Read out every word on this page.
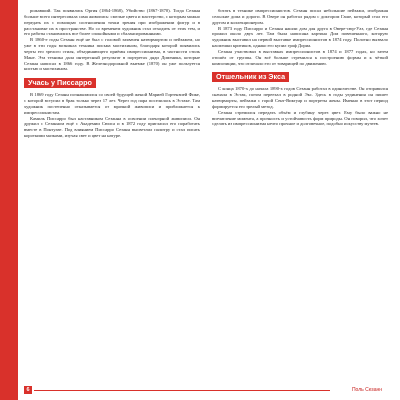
рожавший. Так появились Оргия (1864-1868), Убийство (1867-1870). Тогда Сезанн больше всего интересовала сама живопись: смелые цвета и мастерство, с которым можно передать их с помощью соотношения точки зрения при изображении фигур и в расстановке их в пространстве. Но со временем художник стал отходить от этих тем, и его работы становились все более спокойными и сбалансированными.

В 1860-е годы Сезанн ещё не был с головой захвачен натюрмортом и пейзажем, но уже в эти годы возникла техника письма мастихином, благодаря которой появились черты его зрелого стиля, объединяющего приёмы импрессионизма, в частности стиль Мане. Эта техника дала интересный результат в портретах дяди Доменика, которые Сезанн написал в 1866 году. В Железнодорожной выемке (1870) он уже пользуется кистью и мастихином.

Учась у Писсарро

В 1869 году Сезанн познакомился со своей будущей женой Марией Гортензией Фике, с которой вступил в брак только через 17 лет. Через год пара поселилась в Эстаке. Там художник постепенно отказывается от мрачной живописи и приближается к импрессионистам.

Камиль Писсарро был наставником Сезанна в освоении пленэрной живописи. Он дружил с Сезанном ещё с Академии Сюиса и в 1872 году пригласил его поработать вместе в Понтуазе. Под влиянием Писсарро Сезанн высветлил палитру и стал писать короткими мазками, изучая свет и цвет на натуре.

ботать в технике импрессионистов. Сезанн писал небольшие пейзажи, изображая сельские дома и дороги. В Овере он работал рядом с доктором Гаше, который стал его другом и коллекционером.

В 1873 году Писсарро и Сезанн нашли дом для друга в Овере-сюр-Уаз, где Сезанн прожил около двух лет. Там была написана картина Дом повешенного, которую художник выставил на первой выставке импрессионистов в 1874 году. Полотно вызвало насмешки критиков, однако его купил граф Дориа.

Сезанн участвовал в выставках импрессионистов в 1874 и 1877 годах, но затем отошёл от группы. Он всё больше стремился к построению формы и к чёткой композиции, что отличало его от товарищей по движению.

Отшельник из Экса

С конца 1870-х до начала 1890-х годов Сезанн работал в одиночестве. Он отправился сначала в Эстак, потом переехал в родной Экс. Здесь в годы уединения он пишет натюрморты, пейзажи с горой Сент-Виктуар и портреты жены. Именно в этот период формируется его зрелый метод.

Сезанн стремился передать объём и глубину через цвет. Ему было важно не впечатление момента, а прочность и устойчивость форм природы. Он говорил, что хочет сделать из импрессионизма нечто прочное и долговечное, подобно искусству музеев.

6	Поль Сезанн
